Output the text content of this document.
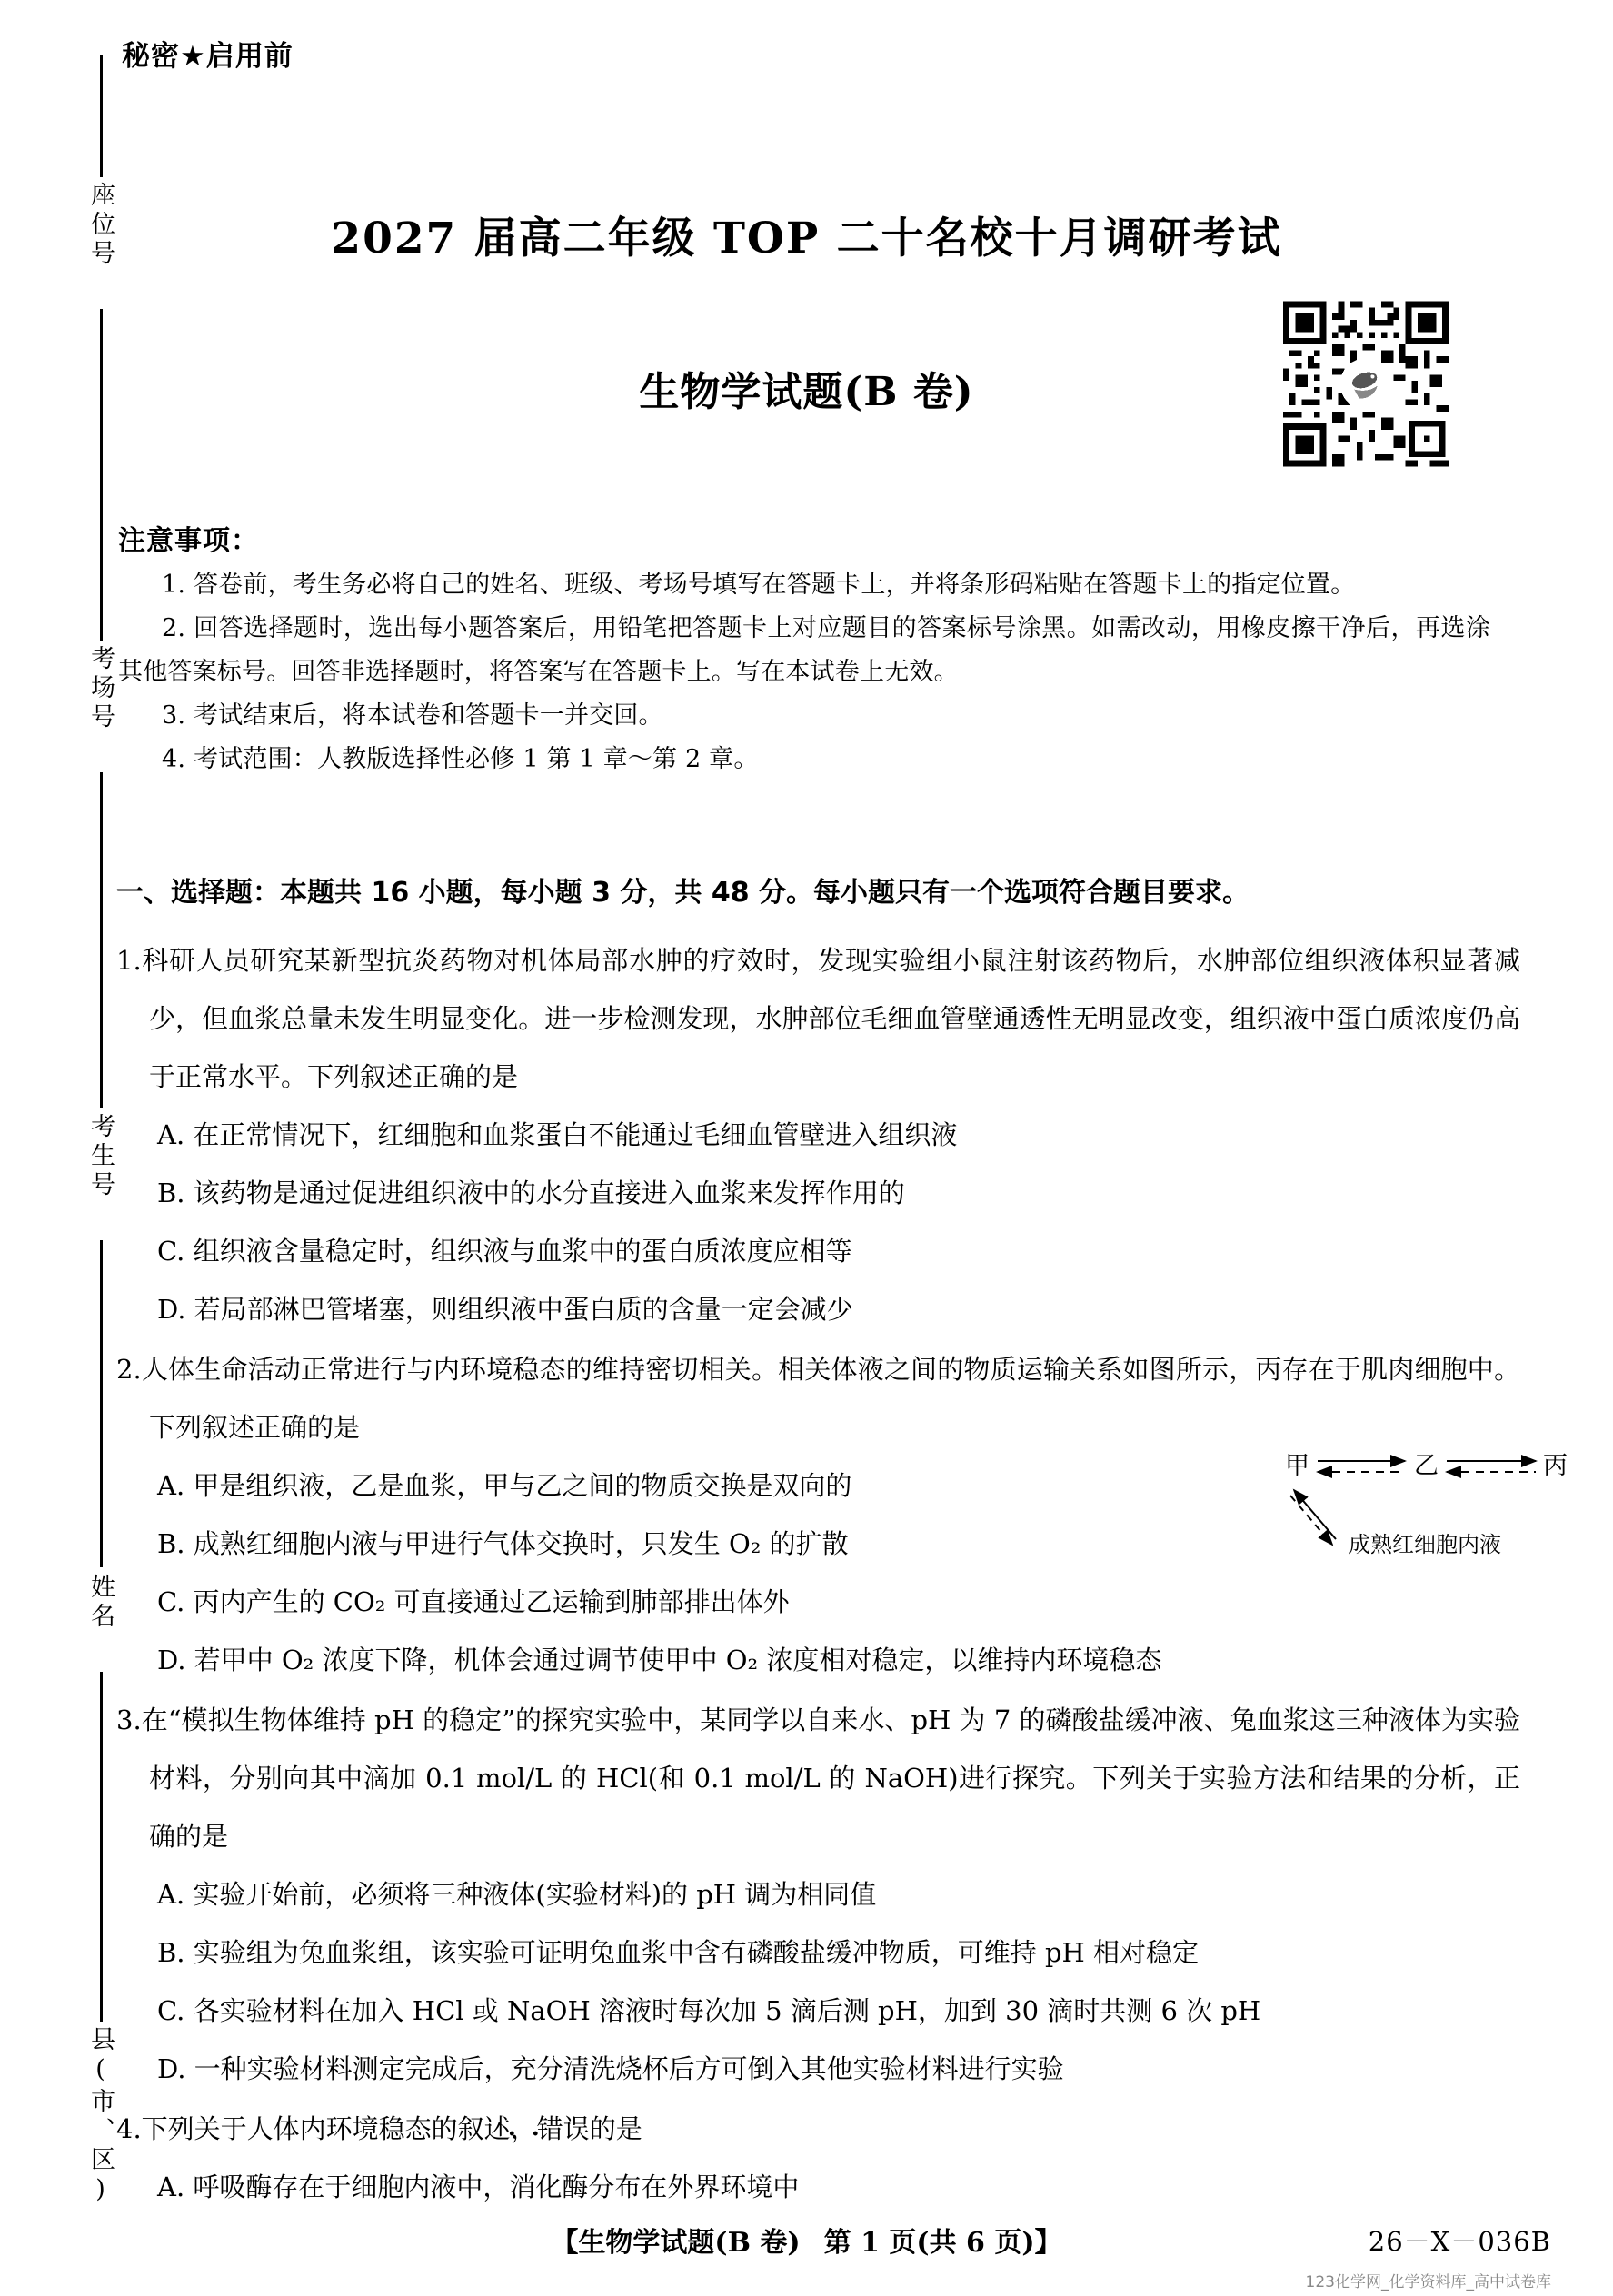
秘密★启用前
座位号
考场号
考生号
姓名
县(市、区)
2027 届高二年级 TOP 二十名校十月调研考试
生物学试题(B 卷)
注意事项：

1. 答卷前，考生务必将自己的姓名、班级、考场号填写在答题卡上，并将条形码粘贴在答题卡上的指定位置。

2. 回答选择题时，选出每小题答案后，用铅笔把答题卡上对应题目的答案标号涂黑。如需改动，用橡皮擦干净后，再选涂其他答案标号。回答非选择题时，将答案写在答题卡上。写在本试卷上无效。

3. 考试结束后，将本试卷和答题卡一并交回。

4. 考试范围：人教版选择性必修 1 第 1 章～第 2 章。

一、选择题：本题共 16 小题，每小题 3 分，共 48 分。每小题只有一个选项符合题目要求。
1.科研人员研究某新型抗炎药物对机体局部水肿的疗效时，发现实验组小鼠注射该药物后，水肿部位组织液体积显著减少，但血浆总量未发生明显变化。进一步检测发现，水肿部位毛细血管壁通透性无明显改变，组织液中蛋白质浓度仍高于正常水平。下列叙述正确的是
A. 在正常情况下，红细胞和血浆蛋白不能通过毛细血管壁进入组织液
B. 该药物是通过促进组织液中的水分直接进入血浆来发挥作用的
C. 组织液含量稳定时，组织液与血浆中的蛋白质浓度应相等
D. 若局部淋巴管堵塞，则组织液中蛋白质的含量一定会减少
2.人体生命活动正常进行与内环境稳态的维持密切相关。相关体液之间的物质运输关系如图所示，丙存在于肌肉细胞中。下列叙述正确的是
A. 甲是组织液，乙是血浆，甲与乙之间的物质交换是双向的
B. 成熟红细胞内液与甲进行气体交换时，只发生 O₂ 的扩散
C. 丙内产生的 CO₂ 可直接通过乙运输到肺部排出体外
D. 若甲中 O₂ 浓度下降，机体会通过调节使甲中 O₂ 浓度相对稳定，以维持内环境稳态
3.在“模拟生物体维持 pH 的稳定”的探究实验中，某同学以自来水、pH 为 7 的磷酸盐缓冲液、兔血浆这三种液体为实验材料，分别向其中滴加 0.1 mol/L 的 HCl(和 0.1 mol/L 的 NaOH)进行探究。下列关于实验方法和结果的分析，正确的是
A. 实验开始前，必须将三种液体(实验材料)的 pH 调为相同值
B. 实验组为兔血浆组，该实验可证明兔血浆中含有磷酸盐缓冲物质，可维持 pH 相对稳定
C. 各实验材料在加入 HCl 或 NaOH 溶液时每次加 5 滴后测 pH，加到 30 滴时共测 6 次 pH
D. 一种实验材料测定完成后，充分清洗烧杯后方可倒入其他实验材料进行实验
4.下列关于人体内环境稳态的叙述，错误 ..的是
A. 呼吸酶存在于细胞内液中，消化酶分布在外界环境中
甲	乙	丙
成熟红细胞内液
【生物学试题(B 卷) 第 1 页(共 6 页)】	26－X－036B
123化学网_化学资料库_高中试卷库
